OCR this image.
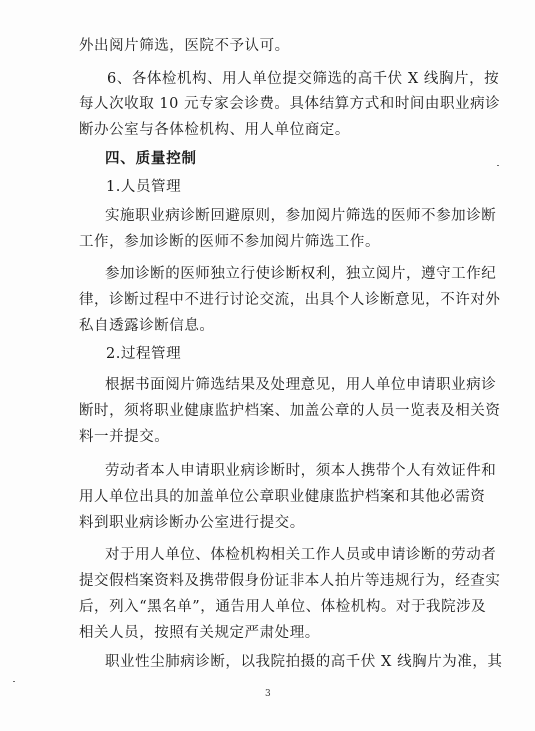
外出阅片筛选，医院不予认可。
6、各体检机构、用人单位提交筛选的高千伏 X 线胸片，按
每人次收取 10 元专家会诊费。具体结算方式和时间由职业病诊
断办公室与各体检机构、用人单位商定。
四、质量控制
1.人员管理
实施职业病诊断回避原则，参加阅片筛选的医师不参加诊断
工作，参加诊断的医师不参加阅片筛选工作。
参加诊断的医师独立行使诊断权利，独立阅片，遵守工作纪
律，诊断过程中不进行讨论交流，出具个人诊断意见，不许对外
私自透露诊断信息。
2.过程管理
根据书面阅片筛选结果及处理意见，用人单位申请职业病诊
断时，须将职业健康监护档案、加盖公章的人员一览表及相关资
料一并提交。
劳动者本人申请职业病诊断时，须本人携带个人有效证件和
用人单位出具的加盖单位公章职业健康监护档案和其他必需资
料到职业病诊断办公室进行提交。
对于用人单位、体检机构相关工作人员或申请诊断的劳动者
提交假档案资料及携带假身份证非本人拍片等违规行为，经查实
后，列入“黑名单”，通告用人单位、体检机构。对于我院涉及
相关人员，按照有关规定严肃处理。
职业性尘肺病诊断，以我院拍摄的高千伏 X 线胸片为准，其
3
